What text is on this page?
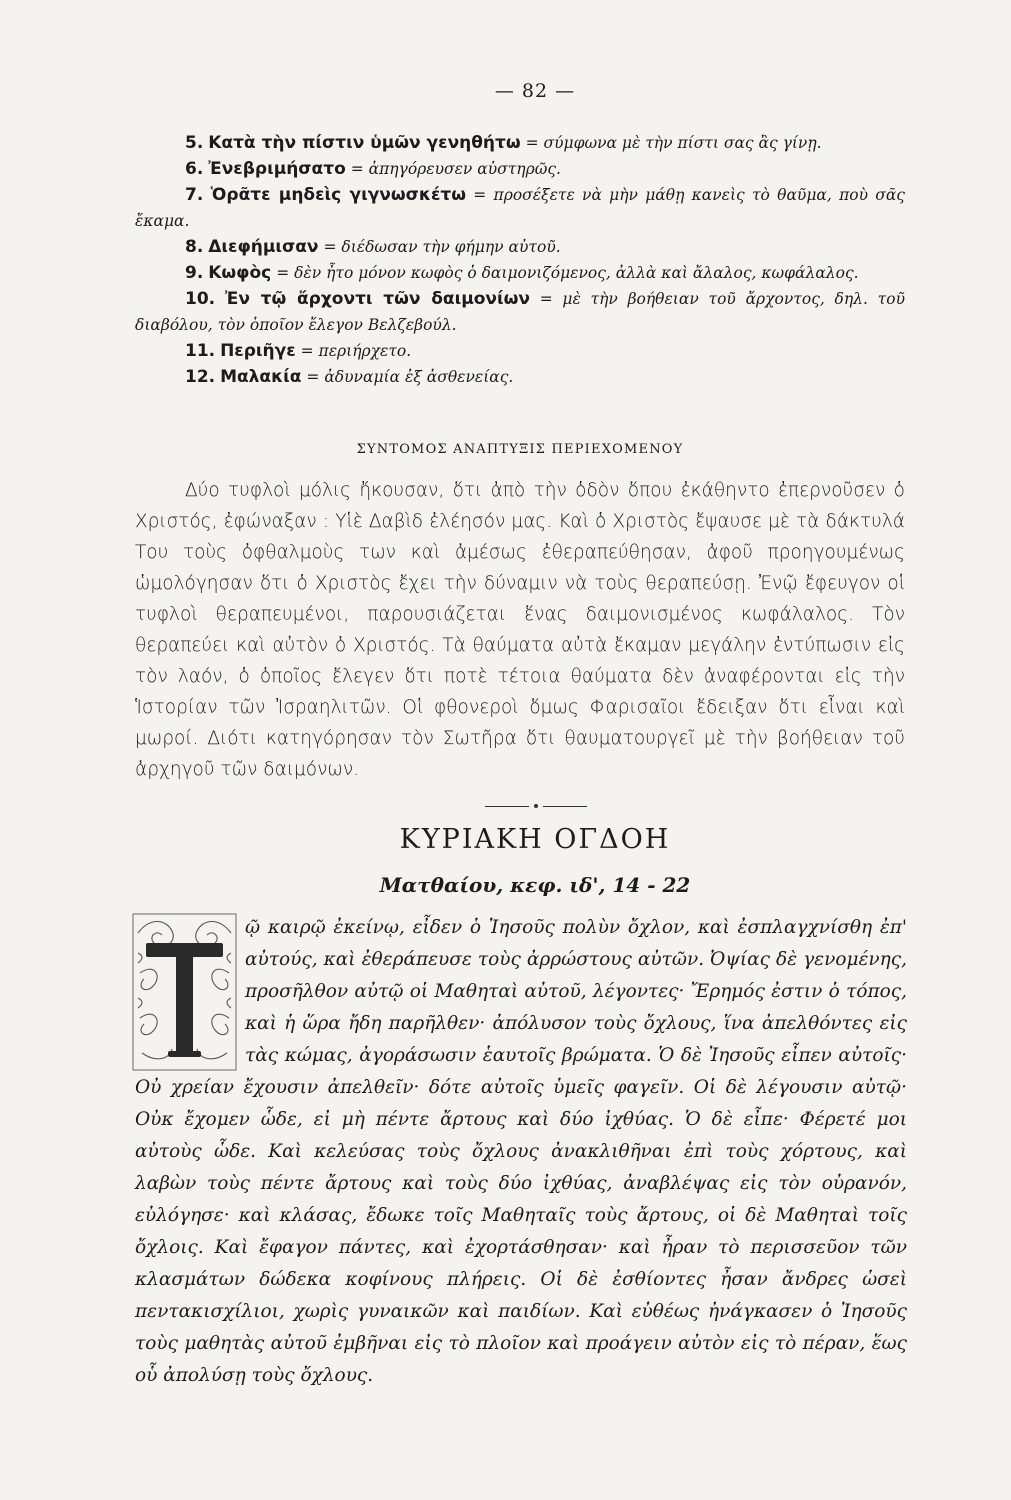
— 82 —

5. Κατὰ τὴν πίστιν ὑμῶν γενηθήτω = σύμφωνα μὲ τὴν πίστι σας ἂς γίνῃ.

6. Ἐνεβριμήσατο = ἀπηγόρευσεν αὐστηρῶς.

7. Ὁρᾶτε μηδεὶς γιγνωσκέτω = προσέξετε νὰ μὴν μάθῃ κανεὶς τὸ θαῦμα, ποὺ σᾶς ἔκαμα.

8. Διεφήμισαν = διέδωσαν τὴν φήμην αὐτοῦ.

9. Κωφὸς = δὲν ἦτο μόνον κωφὸς ὁ δαιμονιζόμενος, ἀλλὰ καὶ ἄλαλος, κωφάλαλος.

10. Ἐν τῷ ἄρχοντι τῶν δαιμονίων = μὲ τὴν βοήθειαν τοῦ ἄρχοντος, δηλ. τοῦ διαβόλου, τὸν ὁποῖον ἔλεγον Βελζεβούλ.

11. Περιῆγε = περιήρχετο.

12. Μαλακία = ἀδυναμία ἐξ ἀσθενείας.

ΣΥΝΤΟΜΟΣ ΑΝΑΠΤΥΞΙΣ ΠΕΡΙΕΧΟΜΕΝΟΥ

Δύο τυφλοὶ μόλις ἤκουσαν, ὅτι ἀπὸ τὴν ὁδὸν ὅπου ἐκάθηντο ἐπερνοῦσεν ὁ Χριστός, ἐφώναξαν : Υἱὲ Δαβὶδ ἐλέησόν μας. Καὶ ὁ Χριστὸς ἔψαυσε μὲ τὰ δάκτυλά Του τοὺς ὀφθαλμοὺς των καὶ ἀμέσως ἐθεραπεύθησαν, ἀφοῦ προηγουμένως ὡμολόγησαν ὅτι ὁ Χριστὸς ἔχει τὴν δύναμιν νὰ τοὺς θεραπεύσῃ. Ἐνῷ ἔφευγον οἱ τυφλοὶ θεραπευμένοι, παρουσιάζεται ἕνας δαιμονισμένος κωφάλαλος. Τὸν θεραπεύει καὶ αὐτὸν ὁ Χριστός. Τὰ θαύματα αὐτὰ ἔκαμαν μεγάλην ἐντύπωσιν εἰς τὸν λαόν, ὁ ὁποῖος ἔλεγεν ὅτι ποτὲ τέτοια θαύματα δὲν ἀναφέρονται εἰς τὴν Ἱστορίαν τῶν Ἰσραηλιτῶν. Οἱ φθονεροὶ ὅμως Φαρισαῖοι ἔδειξαν ὅτι εἶναι καὶ μωροί. Διότι κατηγόρησαν τὸν Σωτῆρα ὅτι θαυματουργεῖ μὲ τὴν βοήθειαν τοῦ ἀρχηγοῦ τῶν δαιμόνων.

ΚΥΡΙΑΚΗ ΟΓΔΟΗ
Ματθαίου, κεφ. ιδ', 14 - 22
Τ

ῷ καιρῷ ἐκείνῳ, εἶδεν ὁ Ἰησοῦς πολὺν ὄχλον, καὶ ἐσπλαγχνίσθη ἐπ' αὐτούς, καὶ ἐθεράπευσε τοὺς ἀρρώστους αὐτῶν. Ὀψίας δὲ γενομένης, προσῆλθον αὐτῷ οἱ Μαθηταὶ αὐτοῦ, λέγοντες· Ἔρημός ἐστιν ὁ τόπος, καὶ ἡ ὥρα ἤδη παρῆλθεν· ἀπόλυσον τοὺς ὄχλους, ἵνα ἀπελθόντες εἰς τὰς κώμας, ἀγοράσωσιν ἑαυτοῖς βρώματα. Ὁ δὲ Ἰησοῦς εἶπεν αὐτοῖς· Οὐ χρείαν ἔχουσιν ἀπελθεῖν· δότε αὐτοῖς ὑμεῖς φαγεῖν. Οἱ δὲ λέγουσιν αὐτῷ· Οὐκ ἔχομεν ὧδε, εἰ μὴ πέντε ἄρτους καὶ δύο ἰχθύας. Ὁ δὲ εἶπε· Φέρετέ μοι αὐτοὺς ὧδε. Καὶ κελεύσας τοὺς ὄχλους ἀνακλιθῆναι ἐπὶ τοὺς χόρτους, καὶ λαβὼν τοὺς πέντε ἄρτους καὶ τοὺς δύο ἰχθύας, ἀναβλέψας εἰς τὸν οὐρανόν, εὐλόγησε· καὶ κλάσας, ἔδωκε τοῖς Μαθηταῖς τοὺς ἄρτους, οἱ δὲ Μαθηταὶ τοῖς ὄχλοις. Καὶ ἔφαγον πάντες, καὶ ἐχορτάσθησαν· καὶ ἦραν τὸ περισσεῦον τῶν κλασμάτων δώδεκα κοφίνους πλήρεις. Οἱ δὲ ἐσθίοντες ἦσαν ἄνδρες ὡσεὶ πεντακισχίλιοι, χωρὶς γυναικῶν καὶ παιδίων. Καὶ εὐθέως ἠνάγκασεν ὁ Ἰησοῦς τοὺς μαθητὰς αὐτοῦ ἐμβῆναι εἰς τὸ πλοῖον καὶ προάγειν αὐτὸν εἰς τὸ πέραν, ἕως οὗ ἀπολύσῃ τοὺς ὄχλους.
